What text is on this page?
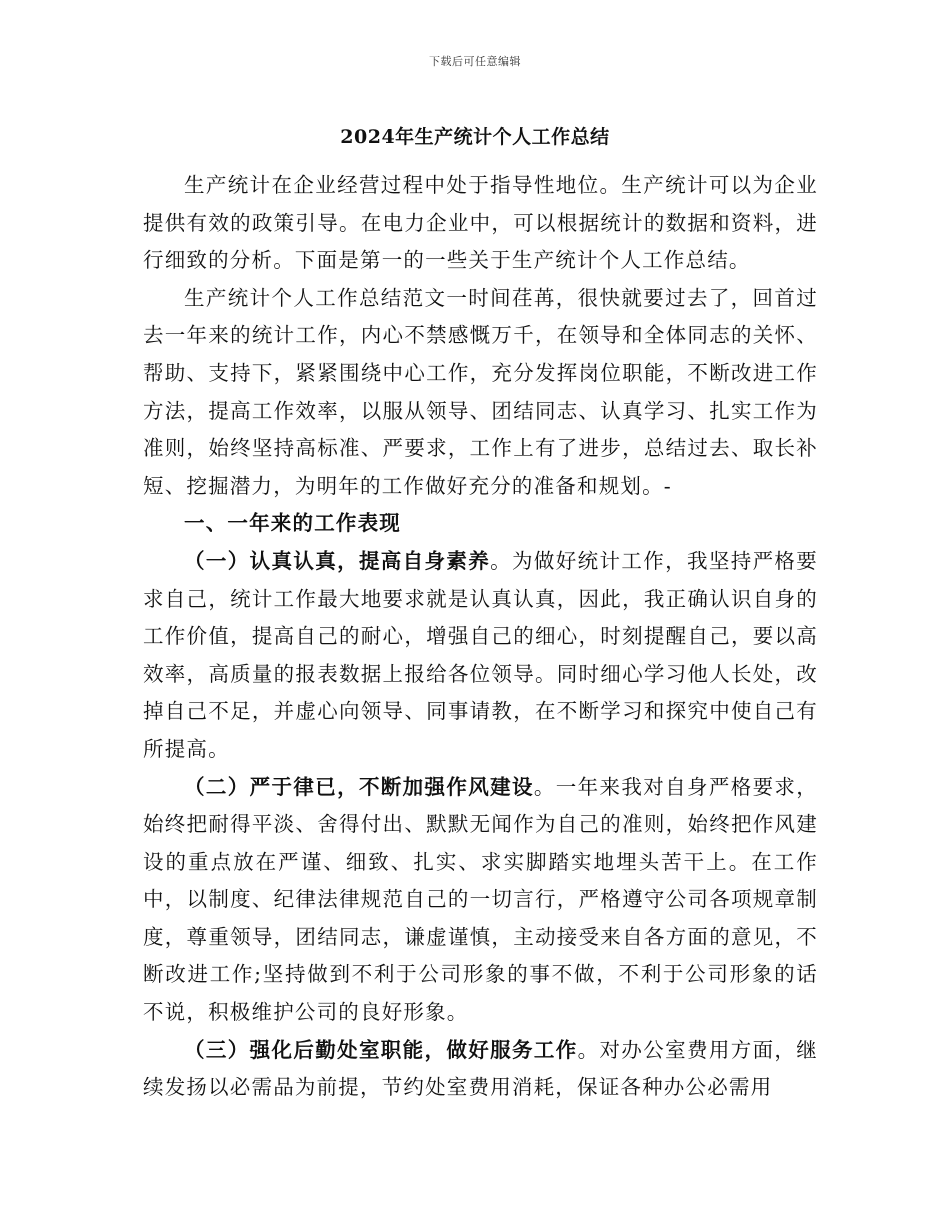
下载后可任意编辑
2024年生产统计个人工作总结

生产统计在企业经营过程中处于指导性地位。生产统计可以为企业提供有效的政策引导。在电力企业中，可以根据统计的数据和资料，进行细致的分析。下面是第一的一些关于生产统计个人工作总结。

生产统计个人工作总结范文一时间荏苒，很快就要过去了，回首过去一年来的统计工作，内心不禁感慨万千，在领导和全体同志的关怀、帮助、支持下，紧紧围绕中心工作，充分发挥岗位职能，不断改进工作方法，提高工作效率，以服从领导、团结同志、认真学习、扎实工作为准则，始终坚持高标准、严要求，工作上有了进步，总结过去、取长补短、挖掘潜力，为明年的工作做好充分的准备和规划。-

一、一年来的工作表现

（一）认真认真，提高自身素养。为做好统计工作，我坚持严格要求自己，统计工作最大地要求就是认真认真，因此，我正确认识自身的工作价值，提高自己的耐心，增强自己的细心，时刻提醒自己，要以高效率，高质量的报表数据上报给各位领导。同时细心学习他人长处，改掉自己不足，并虚心向领导、同事请教，在不断学习和探究中使自己有所提高。

（二）严于律已，不断加强作风建设。一年来我对自身严格要求，始终把耐得平淡、舍得付出、默默无闻作为自己的准则，始终把作风建设的重点放在严谨、细致、扎实、求实脚踏实地埋头苦干上。在工作中，以制度、纪律法律规范自己的一切言行，严格遵守公司各项规章制度，尊重领导，团结同志，谦虚谨慎，主动接受来自各方面的意见，不断改进工作;坚持做到不利于公司形象的事不做，不利于公司形象的话不说，积极维护公司的良好形象。

（三）强化后勤处室职能，做好服务工作。对办公室费用方面，继续发扬以必需品为前提，节约处室费用消耗，保证各种办公必需用
